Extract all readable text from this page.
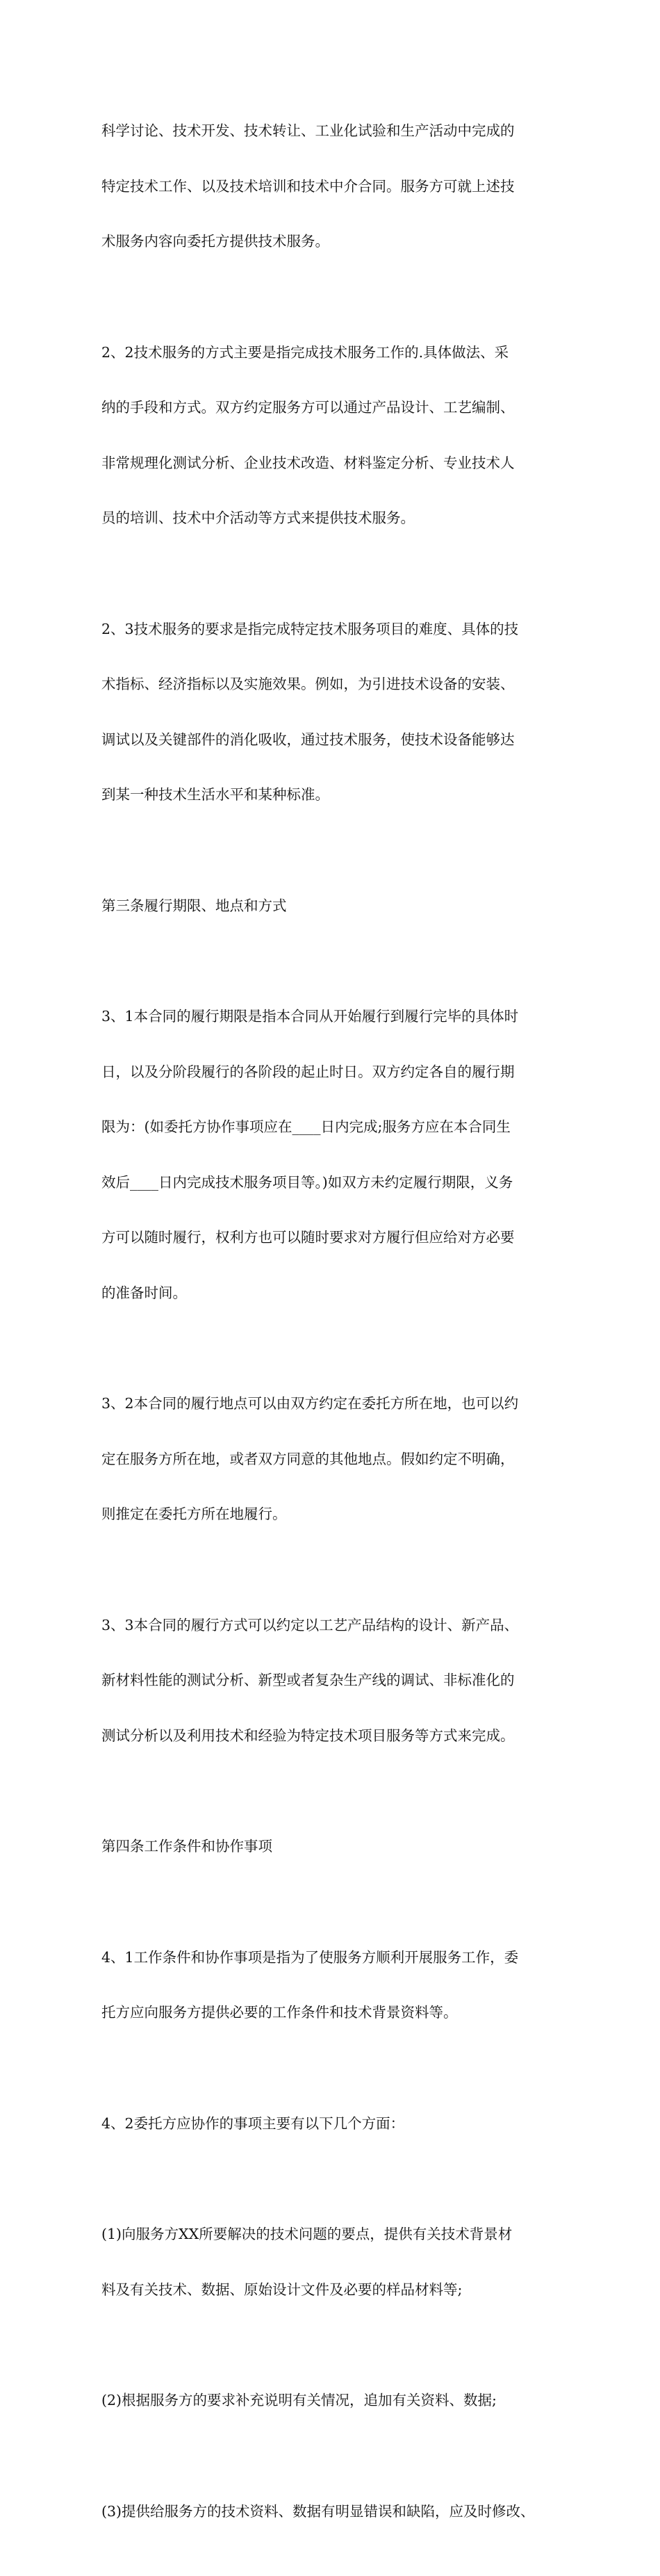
科学讨论、技术开发、技术转让、工业化试验和生产活动中完成的

特定技术工作、以及技术培训和技术中介合同。服务方可就上述技

术服务内容向委托方提供技术服务。

2、2技术服务的方式主要是指完成技术服务工作的.具体做法、采

纳的手段和方式。双方约定服务方可以通过产品设计、工艺编制、

非常规理化测试分析、企业技术改造、材料鉴定分析、专业技术人

员的培训、技术中介活动等方式来提供技术服务。

2、3技术服务的要求是指完成特定技术服务项目的难度、具体的技

术指标、经济指标以及实施效果。例如，为引进技术设备的安装、

调试以及关键部件的消化吸收，通过技术服务，使技术设备能够达

到某一种技术生活水平和某种标准。

第三条履行期限、地点和方式

3、1本合同的履行期限是指本合同从开始履行到履行完毕的具体时

日，以及分阶段履行的各阶段的起止时日。双方约定各自的履行期

限为：(如委托方协作事项应在____日内完成;服务方应在本合同生

效后____日内完成技术服务项目等。)如双方未约定履行期限，义务

方可以随时履行，权利方也可以随时要求对方履行但应给对方必要

的准备时间。

3、2本合同的履行地点可以由双方约定在委托方所在地，也可以约

定在服务方所在地，或者双方同意的其他地点。假如约定不明确，

则推定在委托方所在地履行。

3、3本合同的履行方式可以约定以工艺产品结构的设计、新产品、

新材料性能的测试分析、新型或者复杂生产线的调试、非标准化的

测试分析以及利用技术和经验为特定技术项目服务等方式来完成。

第四条工作条件和协作事项

4、1工作条件和协作事项是指为了使服务方顺利开展服务工作，委

托方应向服务方提供必要的工作条件和技术背景资料等。

4、2委托方应协作的事项主要有以下几个方面：

(1)向服务方XX所要解决的技术问题的要点，提供有关技术背景材

料及有关技术、数据、原始设计文件及必要的样品材料等;

(2)根据服务方的要求补充说明有关情况，追加有关资料、数据;

(3)提供给服务方的技术资料、数据有明显错误和缺陷，应及时修改、
